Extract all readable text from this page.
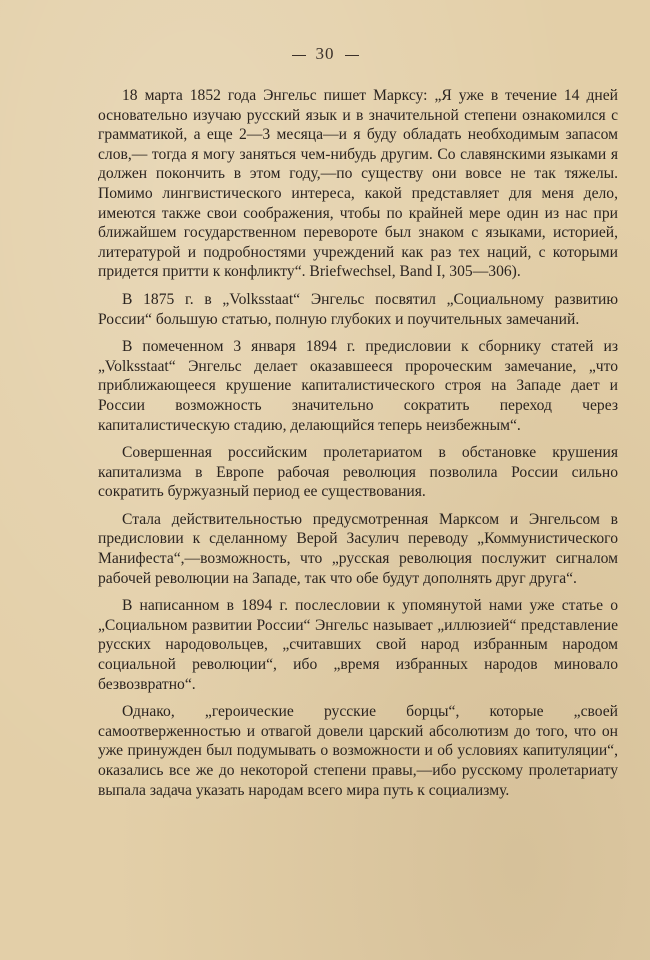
30

18 марта 1852 года Энгельс пишет Марксу: „Я уже в течение 14 дней основательно изучаю русский язык и в значительной степени ознакомился с грамматикой, а еще 2—3 месяца—и я буду обладать необходимым запасом слов,— тогда я могу заняться чем-нибудь другим. Со славянскими языками я должен покончить в этом году,—по существу они вовсе не так тяжелы. Помимо лингвистического интереса, какой представляет для меня дело, имеются также свои соображения, чтобы по крайней мере один из нас при ближайшем государственном перевороте был знаком с языками, историей, литературой и подробностями учреждений как раз тех наций, с которыми придется притти к конфликту“. Briefwechsel, Band I, 305—306).

В 1875 г. в „Volksstaat“ Энгельс посвятил „Социальному развитию России“ большую статью, полную глубоких и поучительных замечаний.

В помеченном 3 января 1894 г. предисловии к сборнику статей из „Volksstaat“ Энгельс делает оказавшееся пророческим замечание, „что приближающееся крушение капиталистического строя на Западе дает и России возможность значительно сократить переход через капиталистическую стадию, делающийся теперь неизбежным“.

Совершенная российским пролетариатом в обстановке крушения капитализма в Европе рабочая революция позволила России сильно сократить буржуазный период ее существования.

Стала действительностью предусмотренная Марксом и Энгельсом в предисловии к сделанному Верой Засулич переводу „Коммунистического Манифеста“,—возможность, что „русская революция послужит сигналом рабочей революции на Западе, так что обе будут дополнять друг друга“.

В написанном в 1894 г. послесловии к упомянутой нами уже статье о „Социальном развитии России“ Энгельс называет „иллюзией“ представление русских народовольцев, „считавших свой народ избранным народом социальной революции“, ибо „время избранных народов миновало безвозвратно“.

Однако, „героические русские борцы“, которые „своей самоотверженностью и отвагой довели царский абсолютизм до того, что он уже принужден был подумывать о возможности и об условиях капитуляции“, оказались все же до некоторой степени правы,—ибо русскому пролетариату выпала задача указать народам всего мира путь к социализму.
